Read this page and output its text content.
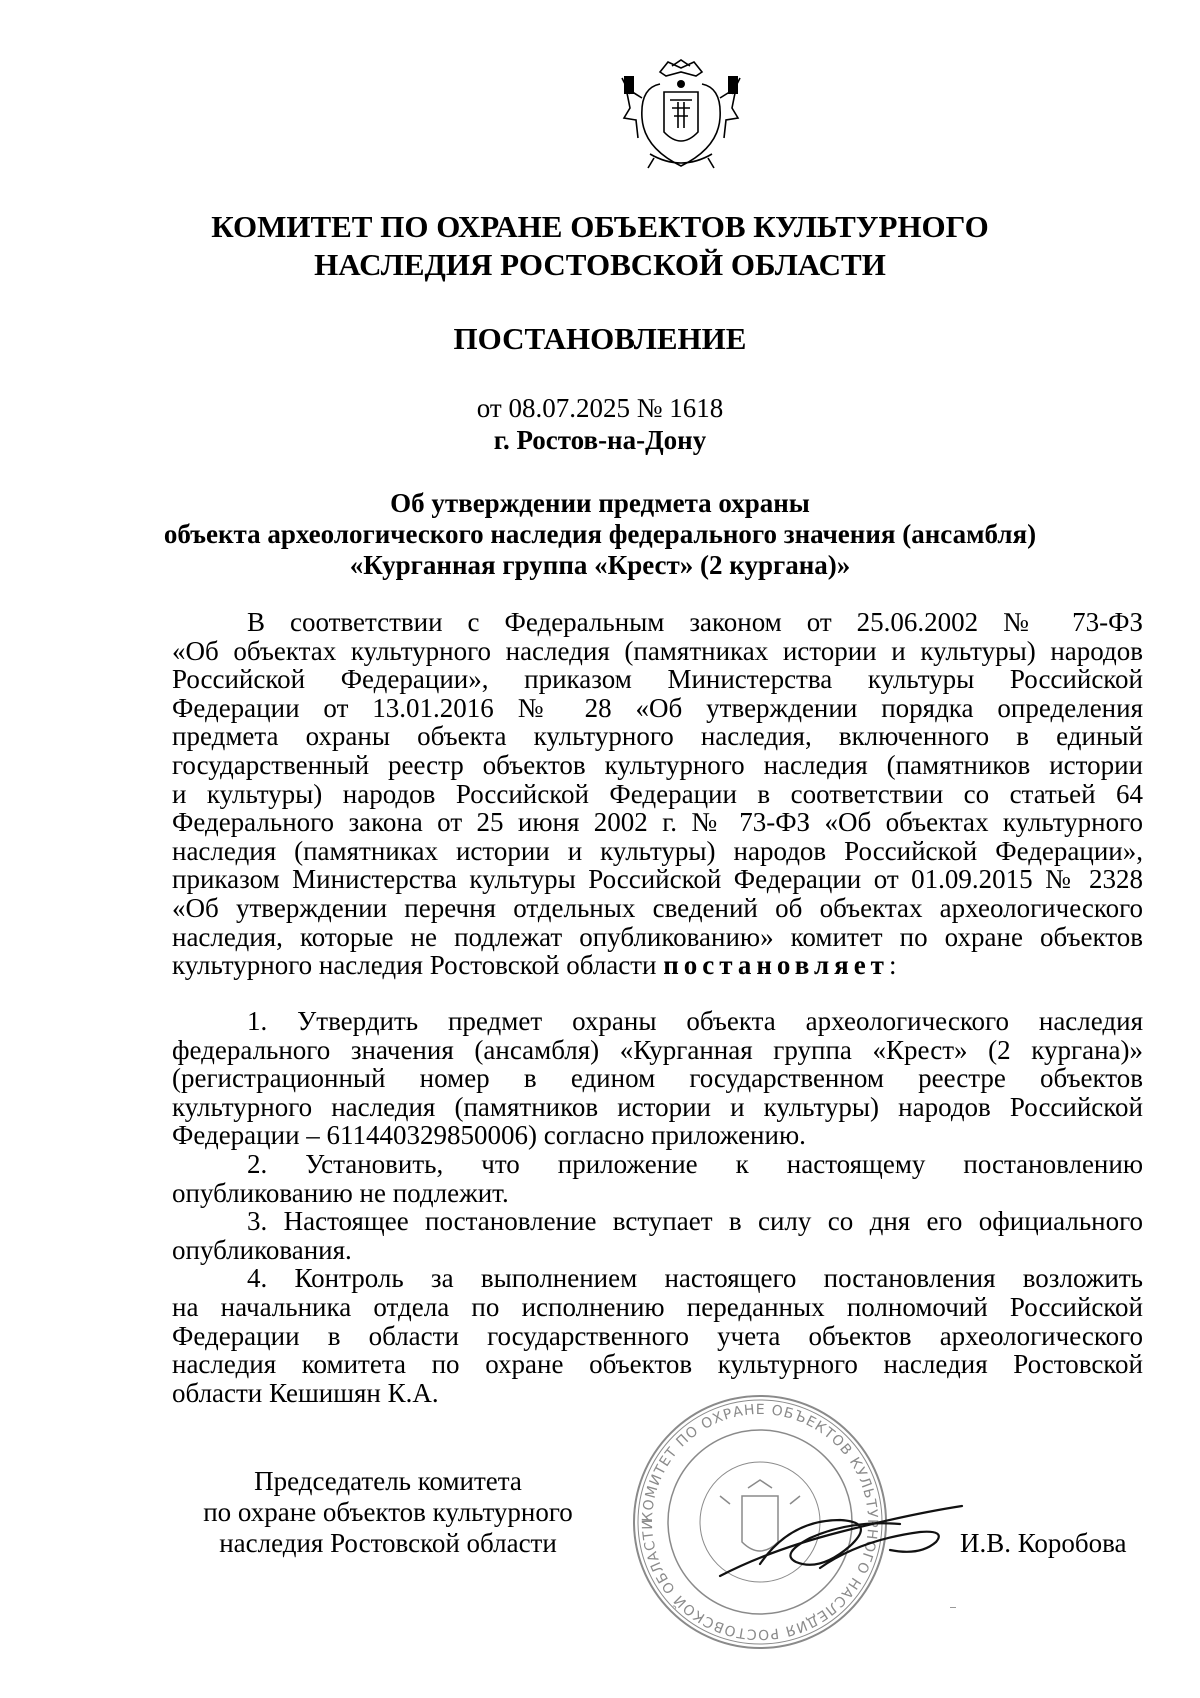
КОМИТЕТ ПО ОХРАНЕ ОБЪЕКТОВ КУЛЬТУРНОГО
НАСЛЕДИЯ РОСТОВСКОЙ ОБЛАСТИ
ПОСТАНОВЛЕНИЕ
от 08.07.2025 № 1618
г. Ростов-на-Дону
Об утверждении предмета охраны
объекта археологического наследия федерального значения (ансамбля)
«Курганная группа «Крест» (2 кургана)»
В соответствии с Федеральным законом от 25.06.2002 № 73-ФЗ
«Об объектах культурного наследия (памятниках истории и культуры) народов
Российской Федерации», приказом Министерства культуры Российской
Федерации от 13.01.2016 № 28 «Об утверждении порядка определения
предмета охраны объекта культурного наследия, включенного в единый
государственный реестр объектов культурного наследия (памятников истории
и культуры) народов Российской Федерации в соответствии со статьей 64
Федерального закона от 25 июня 2002 г. № 73-ФЗ «Об объектах культурного
наследия (памятниках истории и культуры) народов Российской Федерации»,
приказом Министерства культуры Российской Федерации от 01.09.2015 № 2328
«Об утверждении перечня отдельных сведений об объектах археологического
наследия, которые не подлежат опубликованию» комитет по охране объектов
культурного наследия Ростовской области постановляет:
1. Утвердить предмет охраны объекта археологического наследия
федерального значения (ансамбля) «Курганная группа «Крест» (2 кургана)»
(регистрационный номер в едином государственном реестре объектов
культурного наследия (памятников истории и культуры) народов Российской
Федерации – 611440329850006) согласно приложению.
2. Установить, что приложение к настоящему постановлению
опубликованию не подлежит.
3. Настоящее постановление вступает в силу со дня его официального
опубликования.
4. Контроль за выполнением настоящего постановления возложить
на начальника отдела по исполнению переданных полномочий Российской
Федерации в области государственного учета объектов археологического
наследия комитета по охране объектов культурного наследия Ростовской
области Кешишян К.А.
КОМИТЕТ ПО ОХРАНЕ ОБЪЕКТОВ КУЛЬТУРНОГО НАСЛЕДИЯ РОСТОВСКОЙ ОБЛАСТИ
Председатель комитета
по охране объектов культурного
наследия Ростовской области	И.В. Коробова
